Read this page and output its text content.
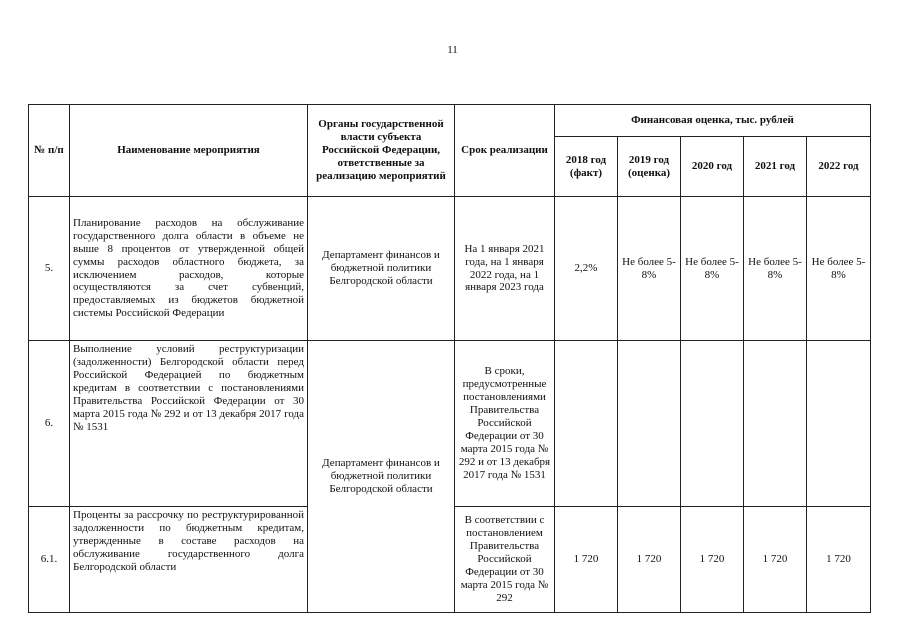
11
№ п/п	Наименование мероприятия	Органы государственной власти субъекта Российской Федерации, ответственные за реализацию мероприятий	Срок реализации	Финансовая оценка, тыс. рублей				
				2018 год (факт)	2019 год (оценка)	2020 год	2021 год	2022 год
5.	Планирование расходов на обслуживание государственного долга области в объеме не выше 8 процентов от утвержденной общей суммы расходов областного бюджета, за исключением расходов, которые осуществляются за счет субвенций, предоставляемых из бюджетов бюджетной системы Российской Федерации	Департамент финансов и бюджетной политики Белгородской области	На 1 января 2021 года, на 1 января 2022 года, на 1 января 2023 года	2,2%	Не более 5-8%	Не более 5-8%	Не более 5-8%	Не более 5-8%
6.	Выполнение условий реструктуризации (задолженности) Белгородской области перед Российской Федерацией по бюджетным кредитам в соответствии с постановлениями Правительства Российской Федерации от 30 марта 2015 года № 292 и от 13 декабря 2017 года № 1531	Департамент финансов и бюджетной политики Белгородской области	В сроки, предусмотренные постановлениями Правительства Российской Федерации от 30 марта 2015 года № 292 и от 13 декабря 2017 года № 1531					
6.1.	Проценты за рассрочку по реструктурированной задолженности по бюджетным кредитам, утвержденные в составе расходов на обслуживание государственного долга Белгородской области		В соответствии с постановлением Правительства Российской Федерации от 30 марта 2015 года № 292	1 720	1 720	1 720	1 720	1 720
